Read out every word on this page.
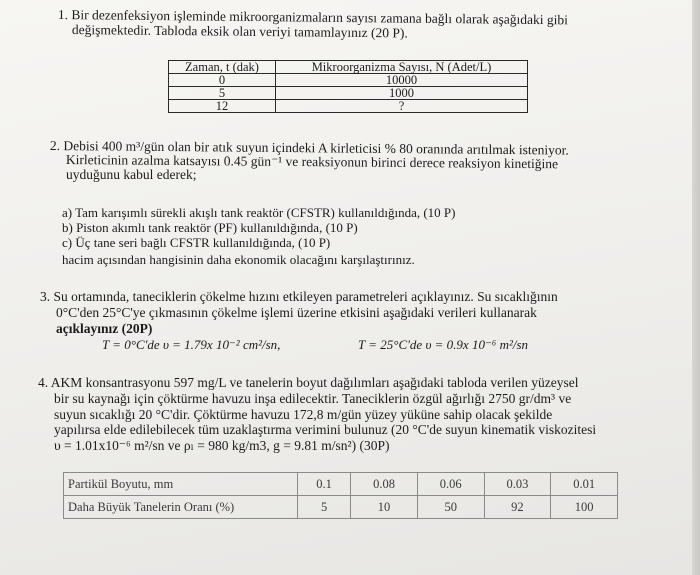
1. Bir dezenfeksiyon işleminde mikroorganizmaların sayısı zamana bağlı olarak aşağıdaki gibi

değişmektedir. Tabloda eksik olan veriyi tamamlayınız (20 P).

Zaman, t (dak)	Mikroorganizma Sayısı, N (Adet/L)
0	10000
5	1000
12	?

2. Debisi 400 m³/gün olan bir atık suyun içindeki A kirleticisi % 80 oranında arıtılmak isteniyor.

Kirleticinin azalma katsayısı 0.45 gün⁻¹ ve reaksiyonun birinci derece reaksiyon kinetiğine

uyduğunu kabul ederek;

a) Tam karışımlı sürekli akışlı tank reaktör (CFSTR) kullanıldığında, (10 P)

b) Piston akımlı tank reaktör (PF) kullanıldığında, (10 P)

c) Üç tane seri bağlı CFSTR kullanıldığında, (10 P)

hacim açısından hangisinin daha ekonomik olacağını karşılaştırınız.

3. Su ortamında, taneciklerin çökelme hızını etkileyen parametreleri açıklayınız. Su sıcaklığının

0°C'den 25°C'ye çıkmasının çökelme işlemi üzerine etkisini aşağıdaki verileri kullanarak

açıklayınız (20P)

T = 0°C'de υ = 1.79x 10⁻² cm²/sn,	T = 25°C'de υ = 0.9x 10⁻⁶ m²/sn

4. AKM konsantrasyonu 597 mg/L ve tanelerin boyut dağılımları aşağıdaki tabloda verilen yüzeysel

bir su kaynağı için çöktürme havuzu inşa edilecektir. Taneciklerin özgül ağırlığı 2750 gr/dm³ ve

suyun sıcaklığı 20 °C'dir. Çöktürme havuzu 172,8 m/gün yüzey yüküne sahip olacak şekilde

yapılırsa elde edilebilecek tüm uzaklaştırma verimini bulunuz (20 °C'de suyun kinematik viskozitesi

υ = 1.01x10⁻⁶ m²/sn ve ρₗ = 980 kg/m3, g = 9.81 m/sn²) (30P)

Partikül Boyutu, mm	0.1	0.08	0.06	0.03	0.01
Daha Büyük Tanelerin Oranı (%)	5	10	50	92	100
